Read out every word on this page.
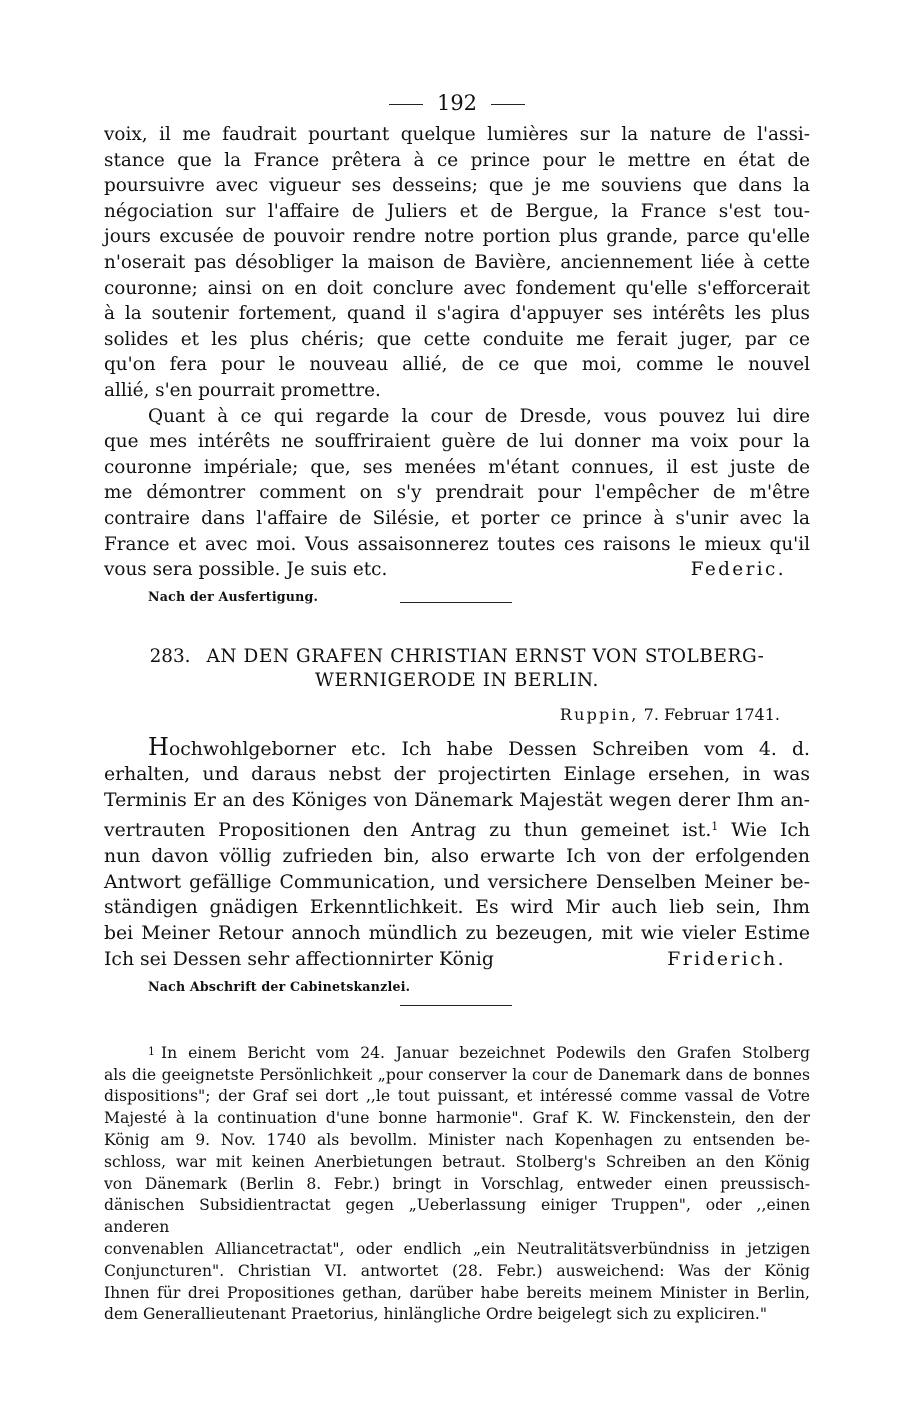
192

voix, il me faudrait pourtant quelque lumières sur la nature de l'assi-
stance que la France prêtera à ce prince pour le mettre en état de
poursuivre avec vigueur ses desseins; que je me souviens que dans la
négociation sur l'affaire de Juliers et de Bergue, la France s'est tou-
jours excusée de pouvoir rendre notre portion plus grande, parce qu'elle
n'oserait pas désobliger la maison de Bavière, anciennement liée à cette
couronne; ainsi on en doit conclure avec fondement qu'elle s'efforcerait
à la soutenir fortement, quand il s'agira d'appuyer ses intérêts les plus
solides et les plus chéris; que cette conduite me ferait juger, par ce
qu'on fera pour le nouveau allié, de ce que moi, comme le nouvel
allié, s'en pourrait promettre.

Quant à ce qui regarde la cour de Dresde, vous pouvez lui dire
que mes intérêts ne souffriraient guère de lui donner ma voix pour la
couronne impériale; que, ses menées m'étant connues, il est juste de
me démontrer comment on s'y prendrait pour l'empêcher de m'être
contraire dans l'affaire de Silésie, et porter ce prince à s'unir avec la
France et avec moi. Vous assaisonnerez toutes ces raisons le mieux qu'il

vous sera possible. Je suis etc.	Federic.
Nach der Ausfertigung.
283. AN DEN GRAFEN CHRISTIAN ERNST VON STOLBERG-
WERNIGERODE IN BERLIN.
Ruppin, 7. Februar 1741.

Hochwohlgeborner etc. Ich habe Dessen Schreiben vom 4. d.
erhalten, und daraus nebst der projectirten Einlage ersehen, in was
Terminis Er an des Königes von Dänemark Majestät wegen derer Ihm an-
vertrauten Propositionen den Antrag zu thun gemeinet ist.$^1$ Wie Ich
nun davon völlig zufrieden bin, also erwarte Ich von der erfolgenden
Antwort gefällige Communication, und versichere Denselben Meiner be-
ständigen gnädigen Erkenntlichkeit. Es wird Mir auch lieb sein, Ihm
bei Meiner Retour annoch mündlich zu bezeugen, mit wie vieler Estime

Ich sei Dessen sehr affectionnirter König	Friderich.
Nach Abschrift der Cabinetskanzlei.
1 In einem Bericht vom 24. Januar bezeichnet Podewils den Grafen Stolberg
als die geeignetste Persönlichkeit „pour conserver la cour de Danemark dans de bonnes
dispositions"; der Graf sei dort ,,le tout puissant, et intéressé comme vassal de Votre
Majesté à la continuation d'une bonne harmonie". Graf K. W. Finckenstein, den der
König am 9. Nov. 1740 als bevollm. Minister nach Kopenhagen zu entsenden be-
schloss, war mit keinen Anerbietungen betraut. Stolberg's Schreiben an den König
von Dänemark (Berlin 8. Febr.) bringt in Vorschlag, entweder einen preussisch-
dänischen Subsidientractat gegen „Ueberlassung einiger Truppen", oder ,,einen anderen
convenablen Alliancetractat", oder endlich „ein Neutralitätsverbündniss in jetzigen
Conjuncturen". Christian VI. antwortet (28. Febr.) ausweichend: Was der König
Ihnen für drei Propositiones gethan, darüber habe bereits meinem Minister in Berlin,
dem Generallieutenant Praetorius, hinlängliche Ordre beigelegt sich zu expliciren."
